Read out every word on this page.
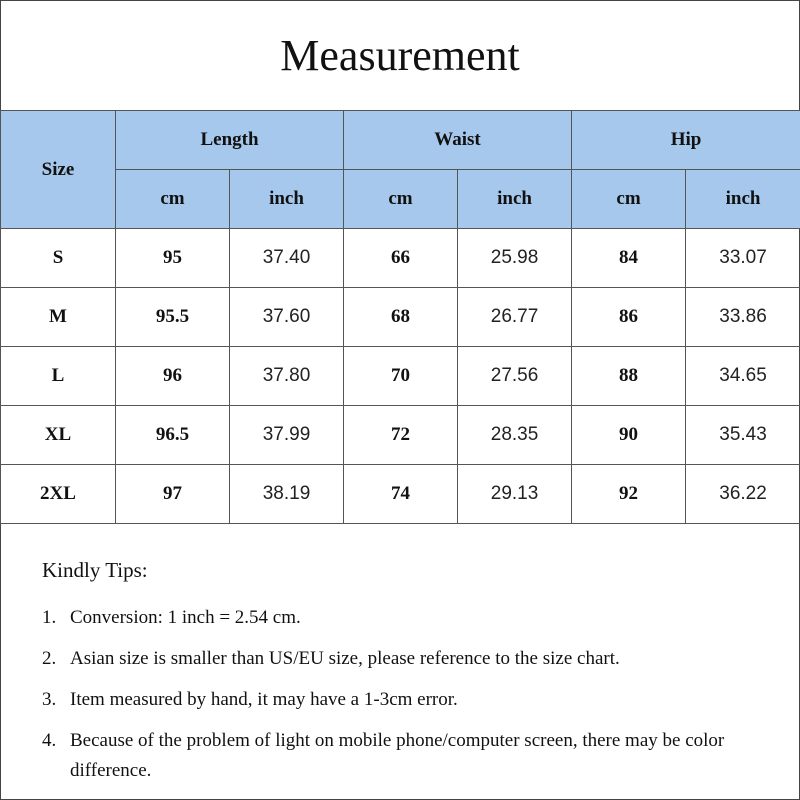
Measurement
Size	Length		Waist		Hip	
	cm	inch	cm	inch	cm	inch
S	95	37.40	66	25.98	84	33.07
M	95.5	37.60	68	26.77	86	33.86
L	96	37.80	70	27.56	88	34.65
XL	96.5	37.99	72	28.35	90	35.43
2XL	97	38.19	74	29.13	92	36.22
Kindly Tips:
1. Conversion: 1 inch = 2.54 cm.
2. Asian size is smaller than US/EU size, please reference to the size chart.
3. Item measured by hand, it may have a 1-3cm error.
4. Because of the problem of light on mobile phone/computer screen, there may be color difference.
